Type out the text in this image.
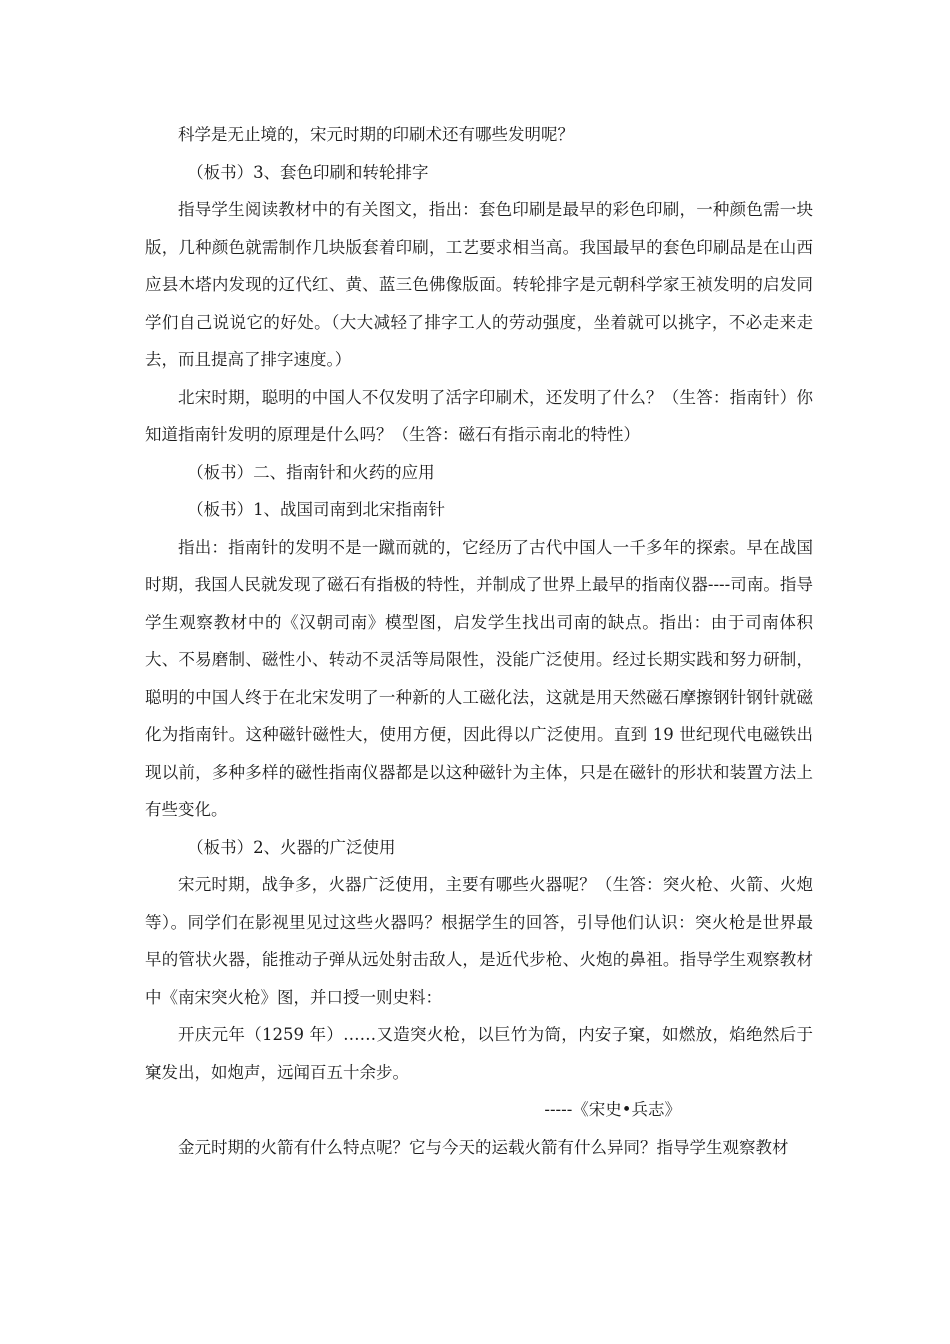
科学是无止境的，宋元时期的印刷术还有哪些发明呢？

（板书）3、套色印刷和转轮排字

指导学生阅读教材中的有关图文，指出：套色印刷是最早的彩色印刷，一种颜色需一块版，几种颜色就需制作几块版套着印刷，工艺要求相当高。我国最早的套色印刷品是在山西应县木塔内发现的辽代红、黄、蓝三色佛像版面。转轮排字是元朝科学家王祯发明的启发同学们自己说说它的好处。（大大减轻了排字工人的劳动强度，坐着就可以挑字，不必走来走去，而且提高了排字速度。）

北宋时期，聪明的中国人不仅发明了活字印刷术，还发明了什么？（生答：指南针）你知道指南针发明的原理是什么吗？（生答：磁石有指示南北的特性）

（板书）二、指南针和火药的应用

（板书）1、战国司南到北宋指南针

指出：指南针的发明不是一蹴而就的，它经历了古代中国人一千多年的探索。早在战国时期，我国人民就发现了磁石有指极的特性，并制成了世界上最早的指南仪器----司南。指导学生观察教材中的《汉朝司南》模型图，启发学生找出司南的缺点。指出：由于司南体积大、不易磨制、磁性小、转动不灵活等局限性，没能广泛使用。经过长期实践和努力研制，聪明的中国人终于在北宋发明了一种新的人工磁化法，这就是用天然磁石摩擦钢针钢针就磁化为指南针。这种磁针磁性大，使用方便，因此得以广泛使用。直到 19 世纪现代电磁铁出现以前，多种多样的磁性指南仪器都是以这种磁针为主体，只是在磁针的形状和装置方法上有些变化。

（板书）2、火器的广泛使用

宋元时期，战争多，火器广泛使用，主要有哪些火器呢？（生答：突火枪、火箭、火炮等）。同学们在影视里见过这些火器吗？根据学生的回答，引导他们认识：突火枪是世界最早的管状火器，能推动子弹从远处射击敌人，是近代步枪、火炮的鼻祖。指导学生观察教材中《南宋突火枪》图，并口授一则史料：

开庆元年（1259 年）……又造突火枪，以巨竹为筒，内安子窠，如燃放，焰绝然后于窠发出，如炮声，远闻百五十余步。

-----《宋史•兵志》

金元时期的火箭有什么特点呢？它与今天的运载火箭有什么异同？指导学生观察教材
